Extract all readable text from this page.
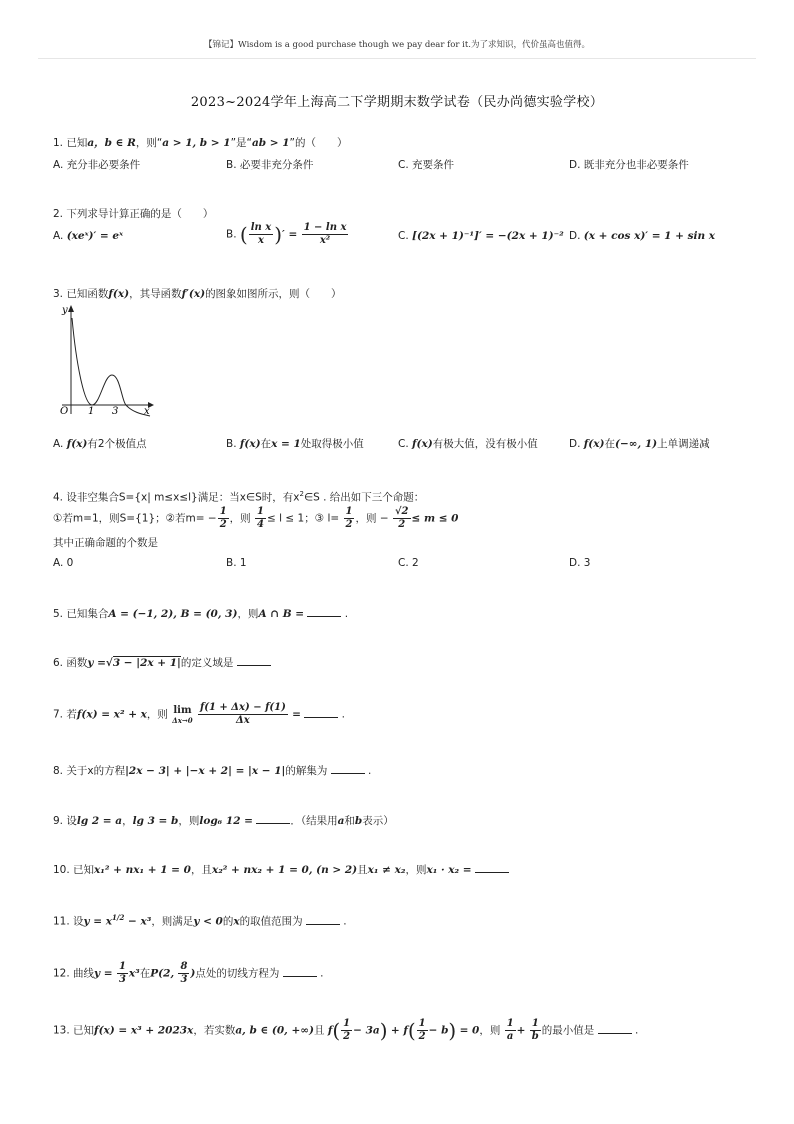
【锦记】Wisdom is a good purchase though we pay dear for it.为了求知识，代价虽高也值得。
2023~2024学年上海高二下学期期末数学试卷（民办尚德实验学校）
1. 已知a，b ∈ R，则“a > 1, b > 1”是“ab > 1”的（　　）
A. 充分非必要条件	B. 必要非充分条件	C. 充要条件	D. 既非充分也非必要条件
2. 下列求导计算正确的是（　　）
A. (xeˣ)′ = eˣ	B. ( $\frac{\text{ln x}}{x}$ )′ = $\frac{\text{1 − ln x}}{\text{x²}}$	C. [(2x + 1)⁻¹]′ = −(2x + 1)⁻² D. (x + cos x)′ = 1 + sin x
3. 已知函数f(x)，其导函数f′(x)的图象如图所示，则（　　）
y
x
O 1 3
A. f(x)有2个极值点	B. f(x)在x = 1处取得极小值	C. f(x)有极大值，没有极小值	D. f(x)在(−∞, 1)上单调递减
4. 设非空集合S={x| m≤x≤l}满足：当x∈S时，有$x^2\in S$ . 给出如下三个命题：
①若m=1，则S={1}；②若$m= - \frac{1}{2}$ ，则 $\frac{1}{4} \le l \le 1$；③ $l= \frac{1}{2}$ ，则 − $\frac{√2}{2} \le m \le 0$
其中正确命题的个数是
A. 0	B. 1	C. 2	D. 3
5. 已知集合A = (−1, 2), B = (0, 3)，则A ∩ B =	.
6. 函数y =√3 − |2x + 1|的定义域是
7. 若f(x) = x² + x，则 lim
Δx→0
$\frac{f(1 + \Delta x) - f(1)}{\Delta x}$ =	.
8. 关于x的方程|2x − 3| + |−x + 2| = |x − 1|的解集为	.
9. 设lg 2 = a，lg 3 = b，则log₆ 12 =	．（结果用a和b表示）
10. 已知x₁² + nx₁ + 1 = 0，且x₂² + nx₂ + 1 = 0, (n > 2)且x₁ ≠ x₂，则x₁ · x₂ =
11. 设$y = x^{1/2} - x^3$，则满足y < 0的x的取值范围为	.
12. 曲线$y = \frac{1}{3} x^3$在P(2, $\frac{8}{3}$ )点处的切线方程为	.
13. 已知f(x) = x³ + 2023x，若实数a, b ∈ (0, +∞)且 $f( \frac{1}{2} - 3a) + f( \frac{1}{2} - b) = 0$，则 $\frac{1}{a} + \frac{1}{b}$ 的最小值是	.
